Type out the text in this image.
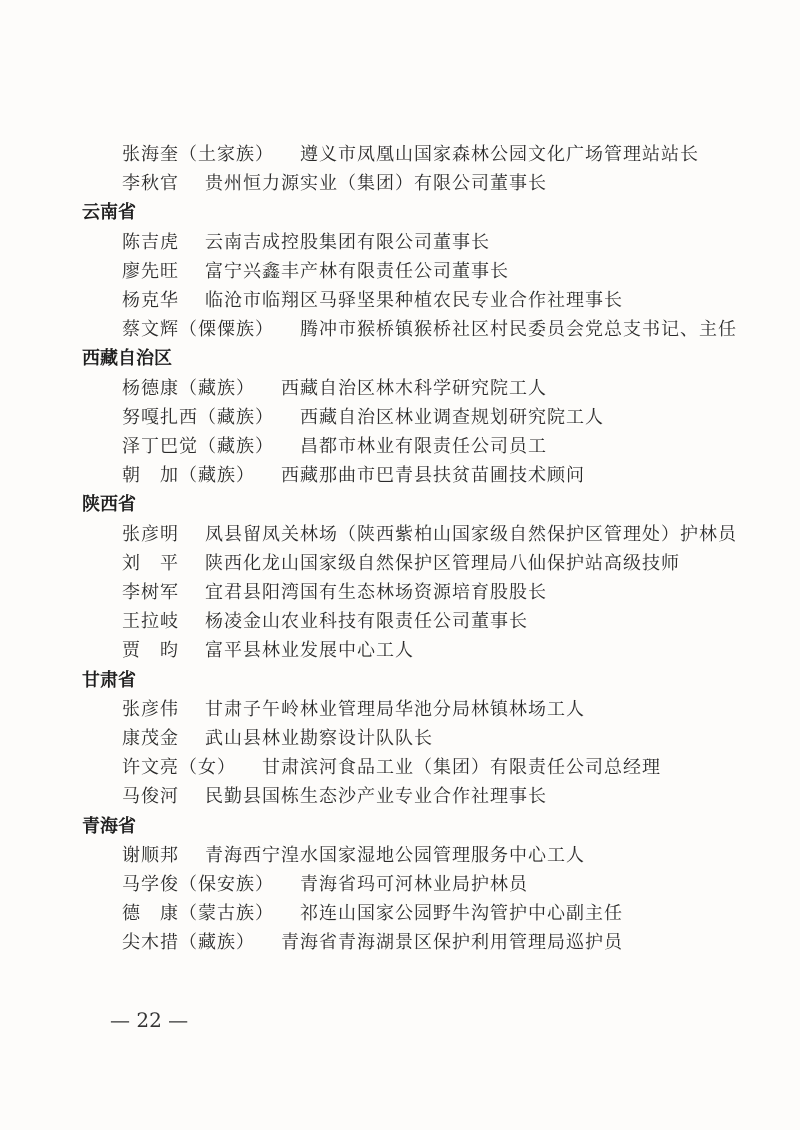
张海奎（土家族） 遵义市凤凰山国家森林公园文化广场管理站站长
李秋官 贵州恒力源实业（集团）有限公司董事长
云南省
陈吉虎 云南吉成控股集团有限公司董事长
廖先旺 富宁兴鑫丰产林有限责任公司董事长
杨克华 临沧市临翔区马驿坚果种植农民专业合作社理事长
蔡文辉（傈僳族） 腾冲市猴桥镇猴桥社区村民委员会党总支书记、主任
西藏自治区
杨德康（藏族） 西藏自治区林木科学研究院工人
努嘎扎西（藏族） 西藏自治区林业调查规划研究院工人
泽丁巴觉（藏族） 昌都市林业有限责任公司员工
朝　加（藏族） 西藏那曲市巴青县扶贫苗圃技术顾问
陕西省
张彦明 凤县留凤关林场（陕西紫柏山国家级自然保护区管理处）护林员
刘　平 陕西化龙山国家级自然保护区管理局八仙保护站高级技师
李树军 宜君县阳湾国有生态林场资源培育股股长
王拉岐 杨凌金山农业科技有限责任公司董事长
贾　昀 富平县林业发展中心工人
甘肃省
张彦伟 甘肃子午岭林业管理局华池分局林镇林场工人
康茂金 武山县林业勘察设计队队长
许文亮（女） 甘肃滨河食品工业（集团）有限责任公司总经理
马俊河 民勤县国栋生态沙产业专业合作社理事长
青海省
谢顺邦 青海西宁湟水国家湿地公园管理服务中心工人
马学俊（保安族） 青海省玛可河林业局护林员
德　康（蒙古族） 祁连山国家公园野牛沟管护中心副主任
尖木措（藏族） 青海省青海湖景区保护利用管理局巡护员
— 22 —
